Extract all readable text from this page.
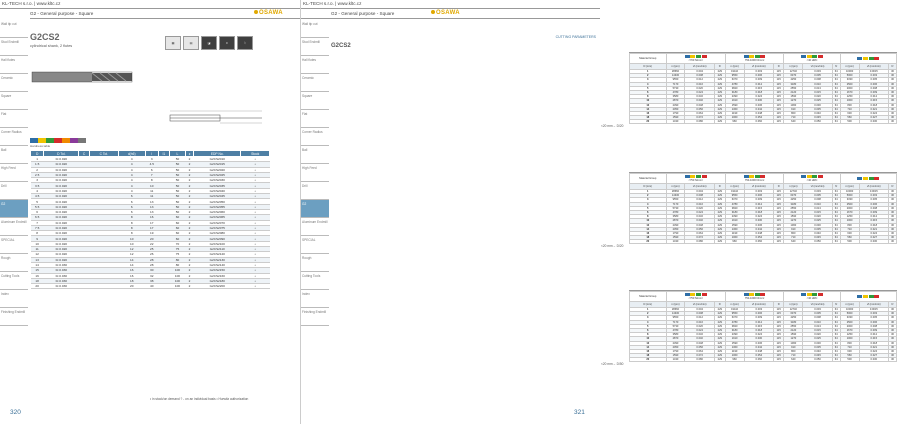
KL-TECH s.r.o. | www.kltc.cz
G2 - General purpose - Square	OSAWA
Wall tip cut
Stud Endmill
Hall flutes
Ceramic
Square
Flat
Corner Radius
Ball
High Feed
Drill
G2
Aluminum Endmill
SPECIAL
Rough
Cutting Tools
Index
Finishing Endmill
G2CS2
cylindrical shank, 2 flutes
▦	▤	◪	±	⌇
Hardness table
D	D Tol.	C	C Tol.	d(h6)	l	l1	L	z	EDP No.	Stock
1	0/-0.020			4	3		50	2	G2CS2010	•
1.5	0/-0.020			4	4.5		50	2	G2CS2015	•
2	0/-0.020			4	6		50	2	G2CS2020	•
2.5	0/-0.020			4	7		50	2	G2CS2025	•
3	0/-0.020			4	8		50	2	G2CS2030	•
3.5	0/-0.020			4	10		50	2	G2CS2035	•
4	0/-0.020			4	11		50	2	G2CS2040	•
4.5	0/-0.020			6	11		50	2	G2CS2045	•
5	0/-0.020			6	13		50	2	G2CS2050	•
5.5	0/-0.020			6	13		50	2	G2CS2055	•
6	0/-0.020			6	13		50	2	G2CS2060	•
6.5	0/-0.020			8	16		60	2	G2CS2065	•
7	0/-0.020			8	17		60	2	G2CS2070	•
7.5	0/-0.020			8	17		60	2	G2CS2075	•
8	0/-0.020			8	19		60	2	G2CS2080	•
9	0/-0.020			10	20		60	2	G2CS2090	•
10	0/-0.020			10	22		70	2	G2CS2100	•
11	0/-0.020			12	25		75	2	G2CS2110	•
12	0/-0.020			12	26		75	2	G2CS2120	•
13	0/-0.020			14	28		80	2	G2CS2130	•
14	0/-0.030			14	28		80	2	G2CS2140	•
15	0/-0.030			16	30		100	2	G2CS2150	•
16	0/-0.030			16	32		100	2	G2CS2160	•
18	0/-0.030			18	38		100	2	G2CS2180	•
20	0/-0.030			20	40		100	2	G2CS2200	•
• in stock/on demand ? - on an individual basis • Hurwitz authorization
320
KL-TECH s.r.o. | www.kltc.cz
G2 - General purpose - Square	OSAWA
Wall tip cut
Stud Endmill
Hall flutes
Ceramic
Square
Flat
Corner Radius
Ball
High Feed
Drill
G2
Aluminum Endmill
SPECIAL
Rough
Cutting Tools
Index
Finishing Endmill
CUTTING PARAMETERS
G2CS2
Material Group	<700 N/mm²			750-1000 N/mm²			<40 HRC					

D (mm)	n (rpm)	vf (mm/min)	fz	n (rpm)	vf (mm/min)	fz	n (rpm)	vf (mm/min)	fz	n (rpm)	vf (mm/min)	fz
1	28660	0.004	229	19110	0.003	115	12740	0.003	64	10000	0.0015	30
2	14330	0.008	229	9550	0.006	115	6370	0.005	64	5000	0.003	30
3	9550	0.012	229	6370	0.009	115	4250	0.008	64	3330	0.005	30
4	7170	0.016	229	4780	0.012	115	3180	0.010	64	2500	0.006	30
5	5730	0.020	229	3820	0.015	115	2550	0.013	64	2000	0.008	30
6	4780	0.024	229	3180	0.018	115	2120	0.015	64	1670	0.009	30
8	3580	0.032	229	2390	0.024	115	1590	0.020	64	1250	0.012	30
10	2870	0.040	229	1910	0.030	115	1270	0.025	64	1000	0.015	30
12	2390	0.048	229	1590	0.036	115	1060	0.030	64	830	0.018	30
14	2050	0.056	229	1360	0.042	115	910	0.035	64	710	0.021	30
16	1790	0.064	229	1190	0.048	115	800	0.040	64	630	0.024	30
18	1590	0.072	229	1060	0.054	115	710	0.045	64	560	0.027	30
20	1430	0.080	229	960	0.060	115	640	0.050	64	500	0.030	30
<20 mm→ D/20
Material Group	<750 N/mm²			750-1000 N/mm²			<40 HRC					

D (mm)	n (rpm)	vf (mm/min)	fz	n (rpm)	vf (mm/min)	fz	n (rpm)	vf (mm/min)	fz	n (rpm)	vf (mm/min)	fz
1	28660	0.004	229	19110	0.003	115	12740	0.003	64	10000	0.0015	30
2	14330	0.008	229	9550	0.006	115	6370	0.005	64	5000	0.003	30
3	9550	0.012	229	6370	0.009	115	4250	0.008	64	3330	0.005	30
4	7170	0.016	229	4780	0.012	115	3180	0.010	64	2500	0.006	30
5	5730	0.020	229	3820	0.015	115	2550	0.013	64	2000	0.008	30
6	4780	0.024	229	3180	0.018	115	2120	0.015	64	1670	0.009	30
8	3580	0.032	229	2390	0.024	115	1590	0.020	64	1250	0.012	30
10	2870	0.040	229	1910	0.030	115	1270	0.025	64	1000	0.015	30
12	2390	0.048	229	1590	0.036	115	1060	0.030	64	830	0.018	30
14	2050	0.056	229	1360	0.042	115	910	0.035	64	710	0.021	30
16	1790	0.064	229	1190	0.048	115	800	0.040	64	630	0.024	30
18	1590	0.072	229	1060	0.054	115	710	0.045	64	560	0.027	30
20	1430	0.080	229	960	0.060	115	640	0.050	64	500	0.030	30
<20 mm→ D/20
Material Group	<750 N/mm²			750-1000 N/mm²			<40 HRC					

D (mm)	n (rpm)	vf (mm/min)	fz	n (rpm)	vf (mm/min)	fz	n (rpm)	vf (mm/min)	fz	n (rpm)	vf (mm/min)	fz
1	28660	0.004	229	19110	0.003	115	12740	0.003	64	10000	0.0015	30
2	14330	0.008	229	9550	0.006	115	6370	0.005	64	5000	0.003	30
3	9550	0.012	229	6370	0.009	115	4250	0.008	64	3330	0.005	30
4	7170	0.016	229	4780	0.012	115	3180	0.010	64	2500	0.006	30
5	5730	0.020	229	3820	0.015	115	2550	0.013	64	2000	0.008	30
6	4780	0.024	229	3180	0.018	115	2120	0.015	64	1670	0.009	30
8	3580	0.032	229	2390	0.024	115	1590	0.020	64	1250	0.012	30
10	2870	0.040	229	1910	0.030	115	1270	0.025	64	1000	0.015	30
12	2390	0.048	229	1590	0.036	115	1060	0.030	64	830	0.018	30
14	2050	0.056	229	1360	0.042	115	910	0.035	64	710	0.021	30
16	1790	0.064	229	1190	0.048	115	800	0.040	64	630	0.024	30
18	1590	0.072	229	1060	0.054	115	710	0.045	64	560	0.027	30
20	1430	0.080	229	960	0.060	115	640	0.050	64	500	0.030	30
<20 mm→ D/50
321
